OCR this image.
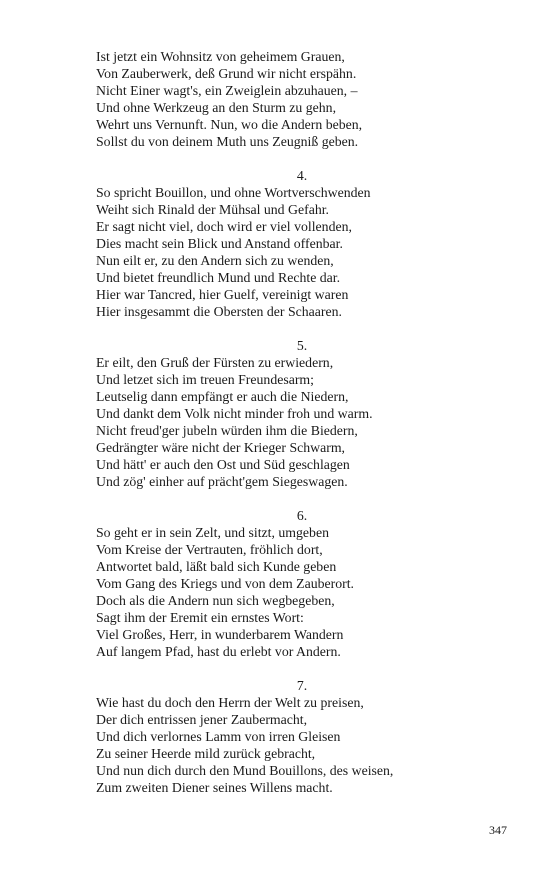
Ist jetzt ein Wohnsitz von geheimem Grauen,
Von Zauberwerk, deß Grund wir nicht erspähn.
Nicht Einer wagt's, ein Zweiglein abzuhauen, –
Und ohne Werkzeug an den Sturm zu gehn,
Wehrt uns Vernunft. Nun, wo die Andern beben,
Sollst du von deinem Muth uns Zeugniß geben.
4.
So spricht Bouillon, und ohne Wortverschwenden
Weiht sich Rinald der Mühsal und Gefahr.
Er sagt nicht viel, doch wird er viel vollenden,
Dies macht sein Blick und Anstand offenbar.
Nun eilt er, zu den Andern sich zu wenden,
Und bietet freundlich Mund und Rechte dar.
Hier war Tancred, hier Guelf, vereinigt waren
Hier insgesammt die Obersten der Schaaren.
5.
Er eilt, den Gruß der Fürsten zu erwiedern,
Und letzet sich im treuen Freundesarm;
Leutselig dann empfängt er auch die Niedern,
Und dankt dem Volk nicht minder froh und warm.
Nicht freud'ger jubeln würden ihm die Biedern,
Gedrängter wäre nicht der Krieger Schwarm,
Und hätt' er auch den Ost und Süd geschlagen
Und zög' einher auf prächt'gem Siegeswagen.
6.
So geht er in sein Zelt, und sitzt, umgeben
Vom Kreise der Vertrauten, fröhlich dort,
Antwortet bald, läßt bald sich Kunde geben
Vom Gang des Kriegs und von dem Zauberort.
Doch als die Andern nun sich wegbegeben,
Sagt ihm der Eremit ein ernstes Wort:
Viel Großes, Herr, in wunderbarem Wandern
Auf langem Pfad, hast du erlebt vor Andern.
7.
Wie hast du doch den Herrn der Welt zu preisen,
Der dich entrissen jener Zaubermacht,
Und dich verlornes Lamm von irren Gleisen
Zu seiner Heerde mild zurück gebracht,
Und nun dich durch den Mund Bouillons, des weisen,
Zum zweiten Diener seines Willens macht.
347
